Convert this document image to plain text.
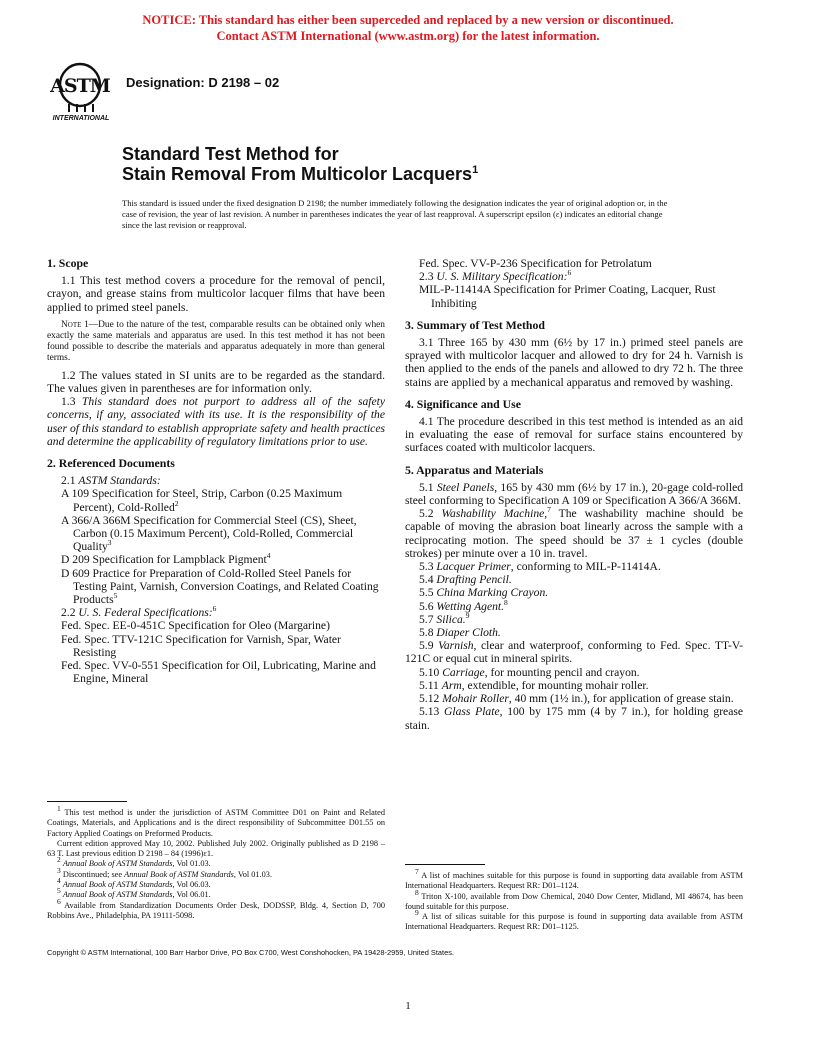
NOTICE: This standard has either been superceded and replaced by a new version or discontinued.
Contact ASTM International (www.astm.org) for the latest information.
ASTM
INTERNATIONAL
Designation: D 2198 – 02
Standard Test Method for
Stain Removal From Multicolor Lacquers$^1$
This standard is issued under the fixed designation D 2198; the number immediately following the designation indicates the year of original adoption or, in the case of revision, the year of last revision. A number in parentheses indicates the year of last reapproval. A superscript epsilon (ε) indicates an editorial change since the last revision or reapproval.
1. Scope

1.1 This test method covers a procedure for the removal of pencil, crayon, and grease stains from multicolor lacquer films that have been applied to primed steel panels.

Note 1—Due to the nature of the test, comparable results can be obtained only when exactly the same materials and apparatus are used. In this test method it has not been found possible to describe the materials and apparatus adequately in more than general terms.

1.2 The values stated in SI units are to be regarded as the standard. The values given in parentheses are for information only.

1.3 This standard does not purport to address all of the safety concerns, if any, associated with its use. It is the responsibility of the user of this standard to establish appropriate safety and health practices and determine the applicability of regulatory limitations prior to use.

2. Referenced Documents

2.1 ASTM Standards:

A 109 Specification for Steel, Strip, Carbon (0.25 Maximum Percent), Cold-Rolled$^2$
A 366/A 366M Specification for Commercial Steel (CS), Sheet, Carbon (0.15 Maximum Percent), Cold-Rolled, Commercial Quality$^3$
D 209 Specification for Lampblack Pigment$^4$
D 609 Practice for Preparation of Cold-Rolled Steel Panels for Testing Paint, Varnish, Conversion Coatings, and Related Coating Products$^5$

2.2 U. S. Federal Specifications:$^6$

Fed. Spec. EE-0-451C Specification for Oleo (Margarine)
Fed. Spec. TTV-121C Specification for Varnish, Spar, Water Resisting
Fed. Spec. VV-0-551 Specification for Oil, Lubricating, Marine and Engine, Mineral

$^1$ This test method is under the jurisdiction of ASTM Committee D01 on Paint and Related Coatings, Materials, and Applications and is the direct responsibility of Subcommittee D01.55 on Factory Applied Coatings on Preformed Products.

Current edition approved May 10, 2002. Published July 2002. Originally published as D 2198 – 63 T. Last previous edition D 2198 – 84 (1996)ε1.

$^2$ Annual Book of ASTM Standards, Vol 01.03.

$^3$ Discontinued; see Annual Book of ASTM Standards, Vol 01.03.

$^4$ Annual Book of ASTM Standards, Vol 06.03.

$^5$ Annual Book of ASTM Standards, Vol 06.01.

$^6$ Available from Standardization Documents Order Desk, DODSSP, Bldg. 4, Section D, 700 Robbins Ave., Philadelphia, PA 19111-5098.

Fed. Spec. VV-P-236 Specification for Petrolatum

2.3 U. S. Military Specification:$^6$

MIL-P-11414A Specification for Primer Coating, Lacquer, Rust Inhibiting
3. Summary of Test Method

3.1 Three 165 by 430 mm (6½ by 17 in.) primed steel panels are sprayed with multicolor lacquer and allowed to dry for 24 h. Varnish is then applied to the ends of the panels and allowed to dry 72 h. The three stains are applied by a mechanical apparatus and removed by washing.

4. Significance and Use

4.1 The procedure described in this test method is intended as an aid in evaluating the ease of removal for surface stains encountered by surfaces coated with multicolor lacquers.

5. Apparatus and Materials

5.1 Steel Panels, 165 by 430 mm (6½ by 17 in.), 20-gage cold-rolled steel conforming to Specification A 109 or Specification A 366/A 366M.

5.2 Washability Machine,$^7$ The washability machine should be capable of moving the abrasion boat linearly across the sample with a reciprocating motion. The speed should be 37 ± 1 cycles (double strokes) per minute over a 10 in. travel.

5.3 Lacquer Primer, conforming to MIL-P-11414A.

5.4 Drafting Pencil.

5.5 China Marking Crayon.

5.6 Wetting Agent.$^8$

5.7 Silica.$^9$

5.8 Diaper Cloth.

5.9 Varnish, clear and waterproof, conforming to Fed. Spec. TT-V-121C or equal cut in mineral spirits.

5.10 Carriage, for mounting pencil and crayon.

5.11 Arm, extendible, for mounting mohair roller.

5.12 Mohair Roller, 40 mm (1½ in.), for application of grease stain.

5.13 Glass Plate, 100 by 175 mm (4 by 7 in.), for holding grease stain.

$^7$ A list of machines suitable for this purpose is found in supporting data available from ASTM International Headquarters. Request RR: D01–1124.

$^8$ Triton X-100, available from Dow Chemical, 2040 Dow Center, Midland, MI 48674, has been found suitable for this purpose.

$^9$ A list of silicas suitable for this purpose is found in supporting data available from ASTM International Headquarters. Request RR: D01–1125.

Copyright © ASTM International, 100 Barr Harbor Drive, PO Box C700, West Conshohocken, PA 19428-2959, United States.
1
